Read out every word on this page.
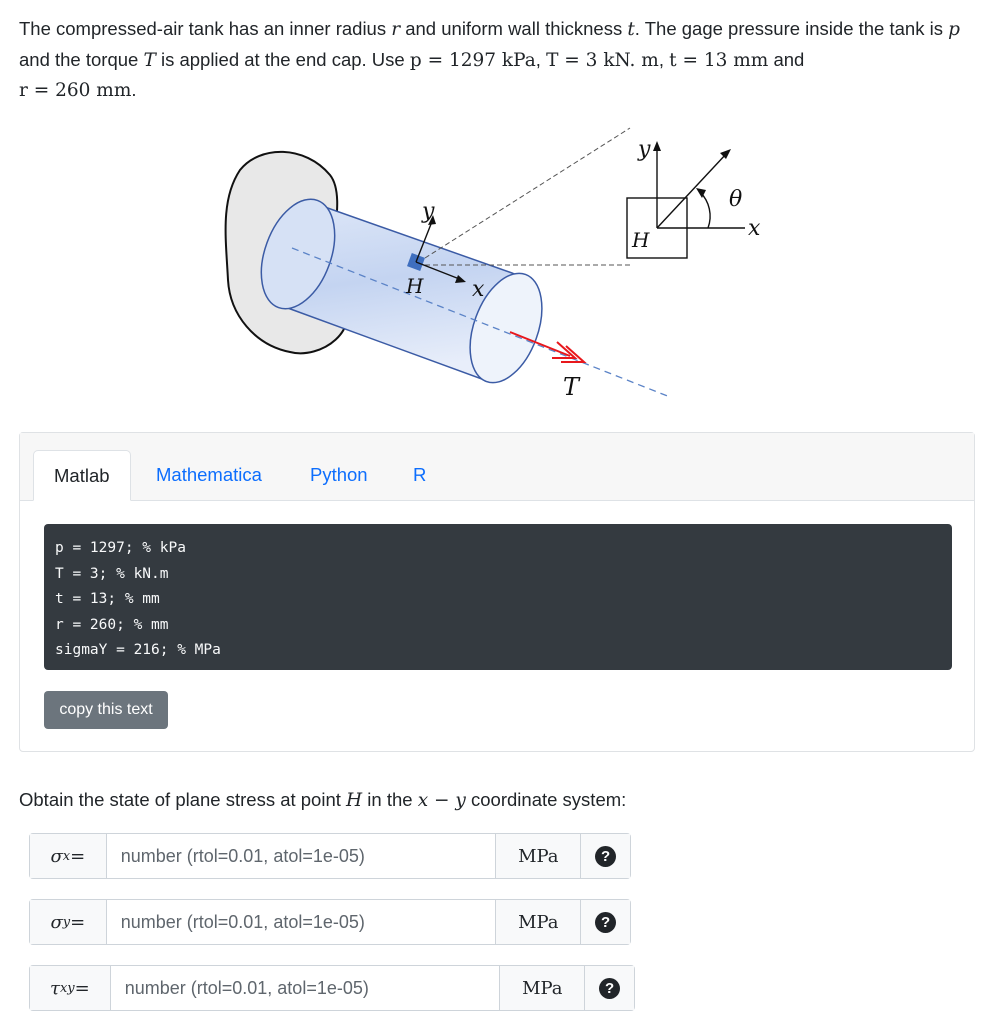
The compressed-air tank has an inner radius r and uniform wall thickness t. The gage pressure inside the tank is p and the torque T is applied at the end cap. Use p = 1297 kPa, T = 3 kN. m, t = 13 mm and
r = 260 mm.
y
H x
T
y
H
θ
x
Matlab	Mathematica	Python R
p = 1297; % kPa
T = 3; % kN.m
t = 13; % mm
r = 260; % mm
sigmaY = 216; % MPa
copy this text
Obtain the state of plane stress at point H in the x − y coordinate system:
σ x =
number (rtol=0.01, atol=1e-05)	MPa	?
σ y =
number (rtol=0.01, atol=1e-05)	MPa	?
τ xy =
number (rtol=0.01, atol=1e-05)	MPa	?
